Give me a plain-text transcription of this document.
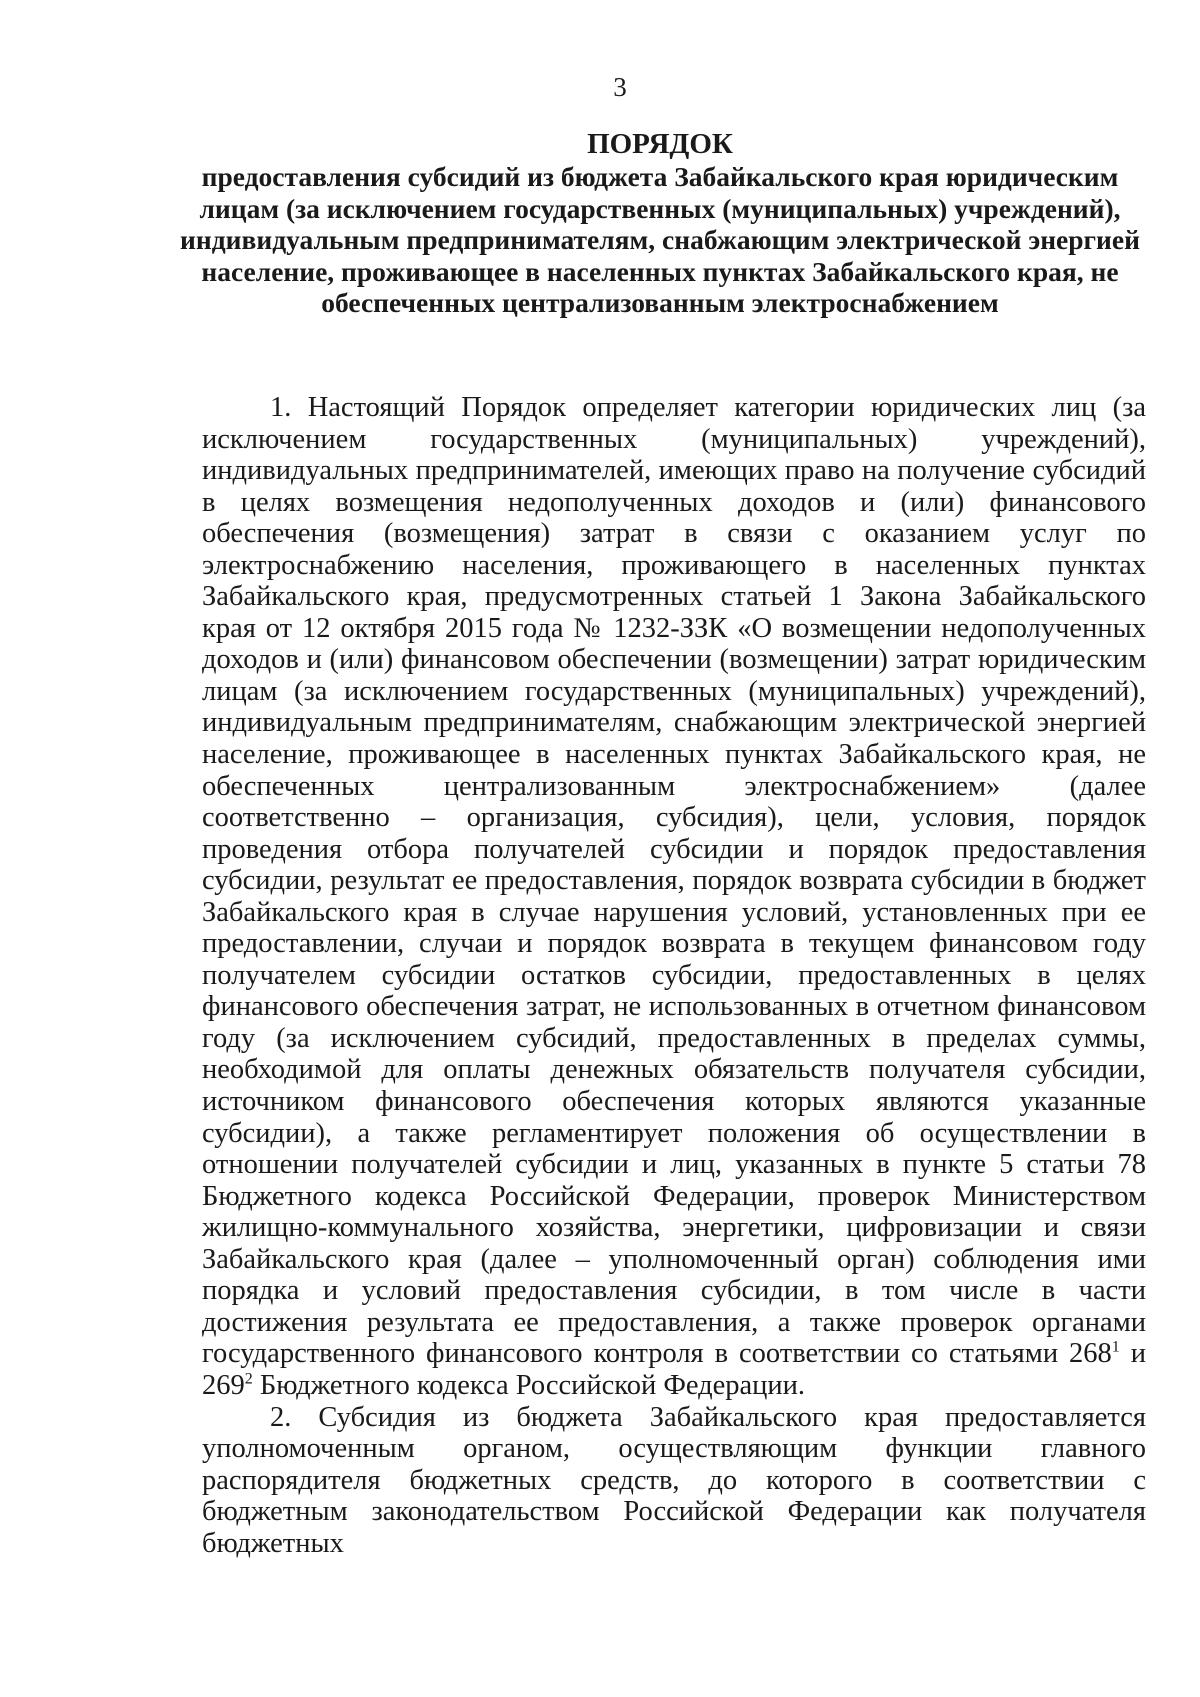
3
ПОРЯДОК
предоставления субсидий из бюджета Забайкальского края юридическим лицам (за исключением государственных (муниципальных) учреждений), индивидуальным предпринимателям, снабжающим электрической энергией население, проживающее в населенных пунктах Забайкальского края, не обеспеченных централизованным электроснабжением

1. Настоящий Порядок определяет категории юридических лиц (за исключением государственных (муниципальных) учреждений), индивидуальных предпринимателей, имеющих право на получение субсидий в целях возмещения недополученных доходов и (или) финансового обеспечения (возмещения) затрат в связи с оказанием услуг по электроснабжению населения, проживающего в населенных пунктах Забайкальского края, предусмотренных статьей 1 Закона Забайкальского края от 12 октября 2015 года № 1232-ЗЗК «О возмещении недополученных доходов и (или) финансовом обеспечении (возмещении) затрат юридическим лицам (за исключением государственных (муниципальных) учреждений), индивидуальным предпринимателям, снабжающим электрической энергией население, проживающее в населенных пунктах Забайкальского края, не обеспеченных централизованным электроснабжением» (далее соответственно – организация, субсидия), цели, условия, порядок проведения отбора получателей субсидии и порядок предоставления субсидии, результат ее предоставления, порядок возврата субсидии в бюджет Забайкальского края в случае нарушения условий, установленных при ее предоставлении, случаи и порядок возврата в текущем финансовом году получателем субсидии остатков субсидии, предоставленных в целях финансового обеспечения затрат, не использованных в отчетном финансовом году (за исключением субсидий, предоставленных в пределах суммы, необходимой для оплаты денежных обязательств получателя субсидии, источником финансового обеспечения которых являются указанные субсидии), а также регламентирует положения об осуществлении в отношении получателей субсидии и лиц, указанных в пункте 5 статьи 78 Бюджетного кодекса Российской Федерации, проверок Министерством жилищно-коммунального хозяйства, энергетики, цифровизации и связи Забайкальского края (далее – уполномоченный орган) соблюдения ими порядка и условий предоставления субсидии, в том числе в части достижения результата ее предоставления, а также проверок органами государственного финансового контроля в соответствии со статьями $268^1$ и $269^2$ Бюджетного кодекса Российской Федерации.

2. Субсидия из бюджета Забайкальского края предоставляется уполномоченным органом, осуществляющим функции главного распорядителя бюджетных средств, до которого в соответствии с бюджетным законодательством Российской Федерации как получателя бюджетных
